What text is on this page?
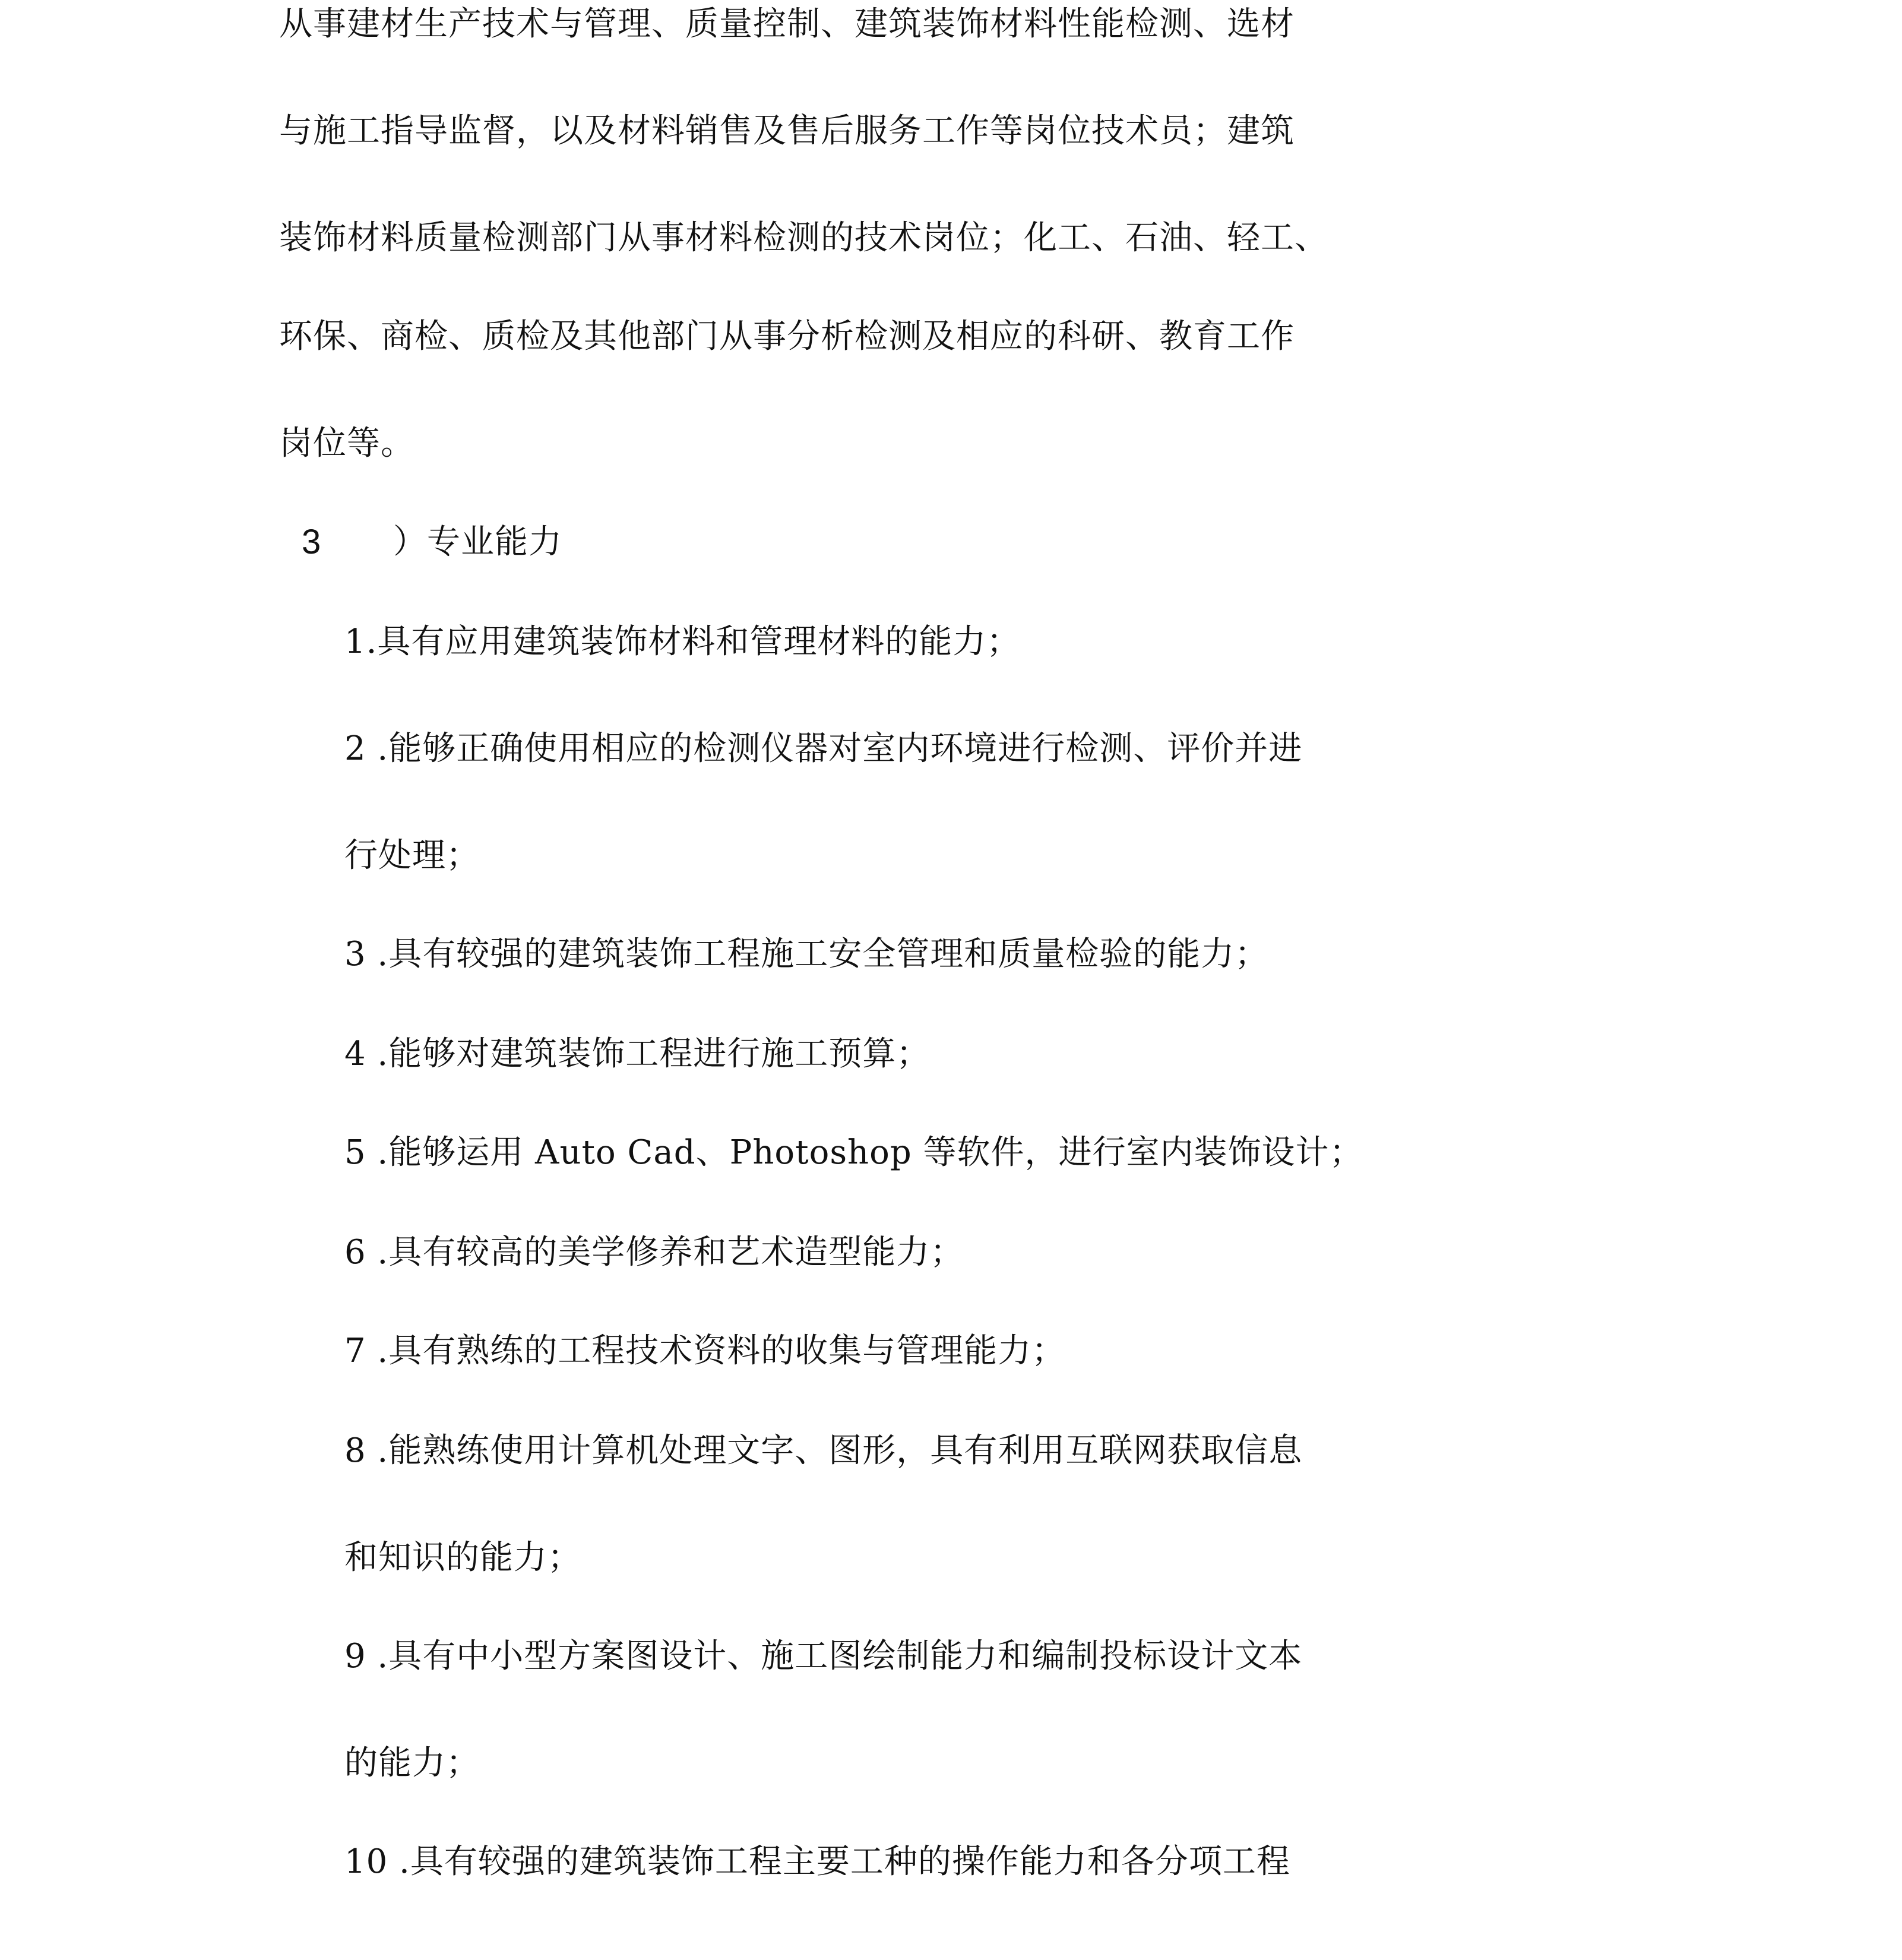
从事建材生产技术与管理、质量控制、建筑装饰材料性能检测、选材
与施工指导监督，以及材料销售及售后服务工作等岗位技术员；建筑
装饰材料质量检测部门从事材料检测的技术岗位；化工、石油、轻工、
环保、商检、质检及其他部门从事分析检测及相应的科研、教育工作
岗位等。
3 ）专业能力
1.具有应用建筑装饰材料和管理材料的能力；
2 .能够正确使用相应的检测仪器对室内环境进行检测、评价并进
行处理；
3 .具有较强的建筑装饰工程施工安全管理和质量检验的能力；
4 .能够对建筑装饰工程进行施工预算；
5 .能够运用 Auto Cad、Photoshop 等软件，进行室内装饰设计；
6 .具有较高的美学修养和艺术造型能力；
7 .具有熟练的工程技术资料的收集与管理能力；
8 .能熟练使用计算机处理文字、图形，具有利用互联网获取信息
和知识的能力；
9 .具有中小型方案图设计、施工图绘制能力和编制投标设计文本
的能力；
10 .具有较强的建筑装饰工程主要工种的操作能力和各分项工程
